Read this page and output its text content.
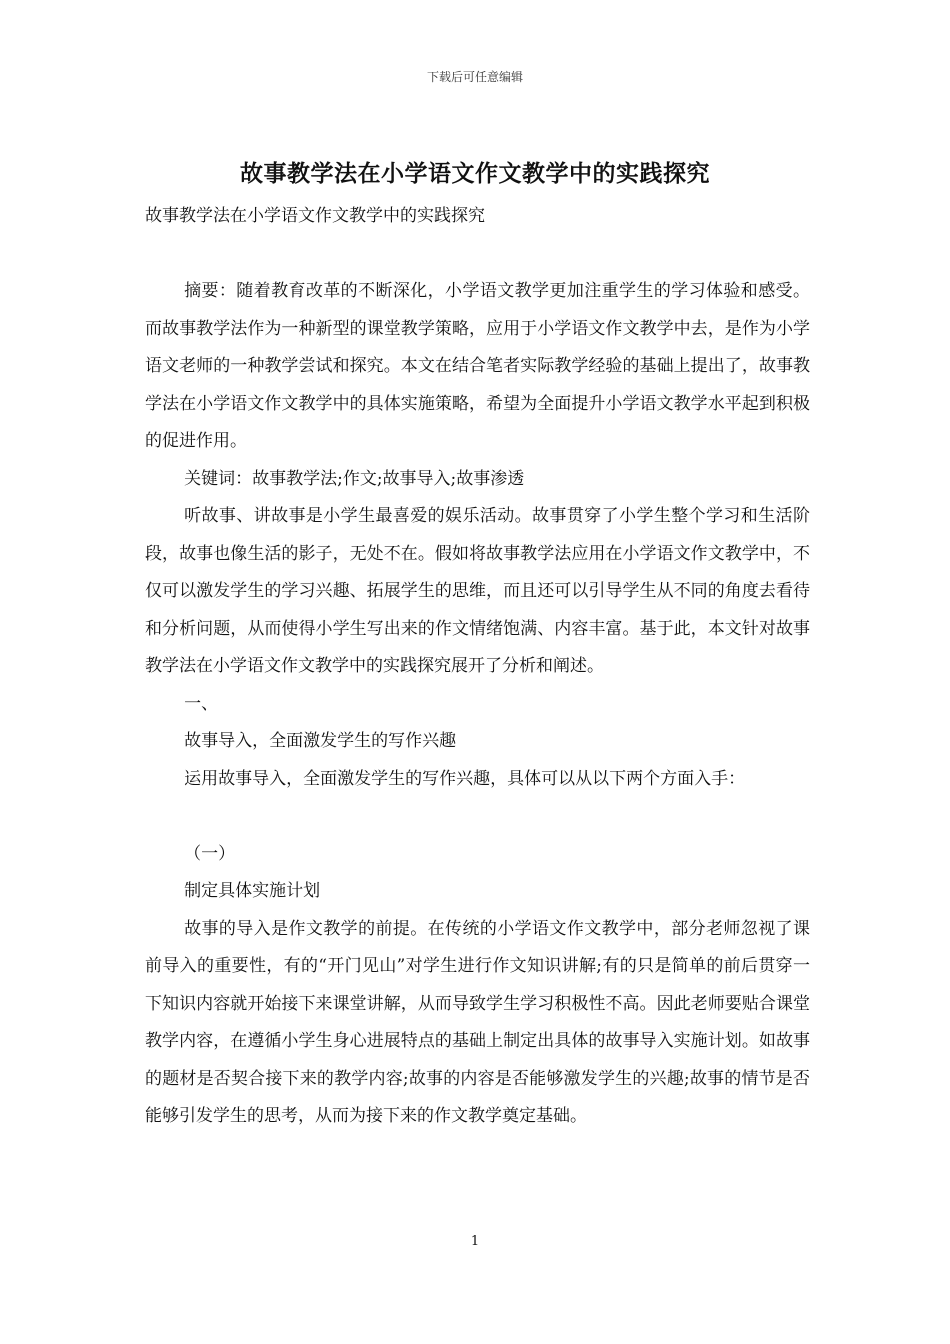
下载后可任意编辑
故事教学法在小学语文作文教学中的实践探究

故事教学法在小学语文作文教学中的实践探究

摘要：随着教育改革的不断深化，小学语文教学更加注重学生的学习体验和感受。而故事教学法作为一种新型的课堂教学策略，应用于小学语文作文教学中去，是作为小学语文老师的一种教学尝试和探究。本文在结合笔者实际教学经验的基础上提出了，故事教学法在小学语文作文教学中的具体实施策略，希望为全面提升小学语文教学水平起到积极的促进作用。

关键词：故事教学法;作文;故事导入;故事渗透

听故事、讲故事是小学生最喜爱的娱乐活动。故事贯穿了小学生整个学习和生活阶段，故事也像生活的影子，无处不在。假如将故事教学法应用在小学语文作文教学中，不仅可以激发学生的学习兴趣、拓展学生的思维，而且还可以引导学生从不同的角度去看待和分析问题，从而使得小学生写出来的作文情绪饱满、内容丰富。基于此，本文针对故事教学法在小学语文作文教学中的实践探究展开了分析和阐述。

一、

故事导入，全面激发学生的写作兴趣

运用故事导入，全面激发学生的写作兴趣，具体可以从以下两个方面入手：

（一）

制定具体实施计划

故事的导入是作文教学的前提。在传统的小学语文作文教学中，部分老师忽视了课前导入的重要性，有的“开门见山”对学生进行作文知识讲解;有的只是简单的前后贯穿一下知识内容就开始接下来课堂讲解，从而导致学生学习积极性不高。因此老师要贴合课堂教学内容，在遵循小学生身心进展特点的基础上制定出具体的故事导入实施计划。如故事的题材是否契合接下来的教学内容;故事的内容是否能够激发学生的兴趣;故事的情节是否能够引发学生的思考，从而为接下来的作文教学奠定基础。

1
